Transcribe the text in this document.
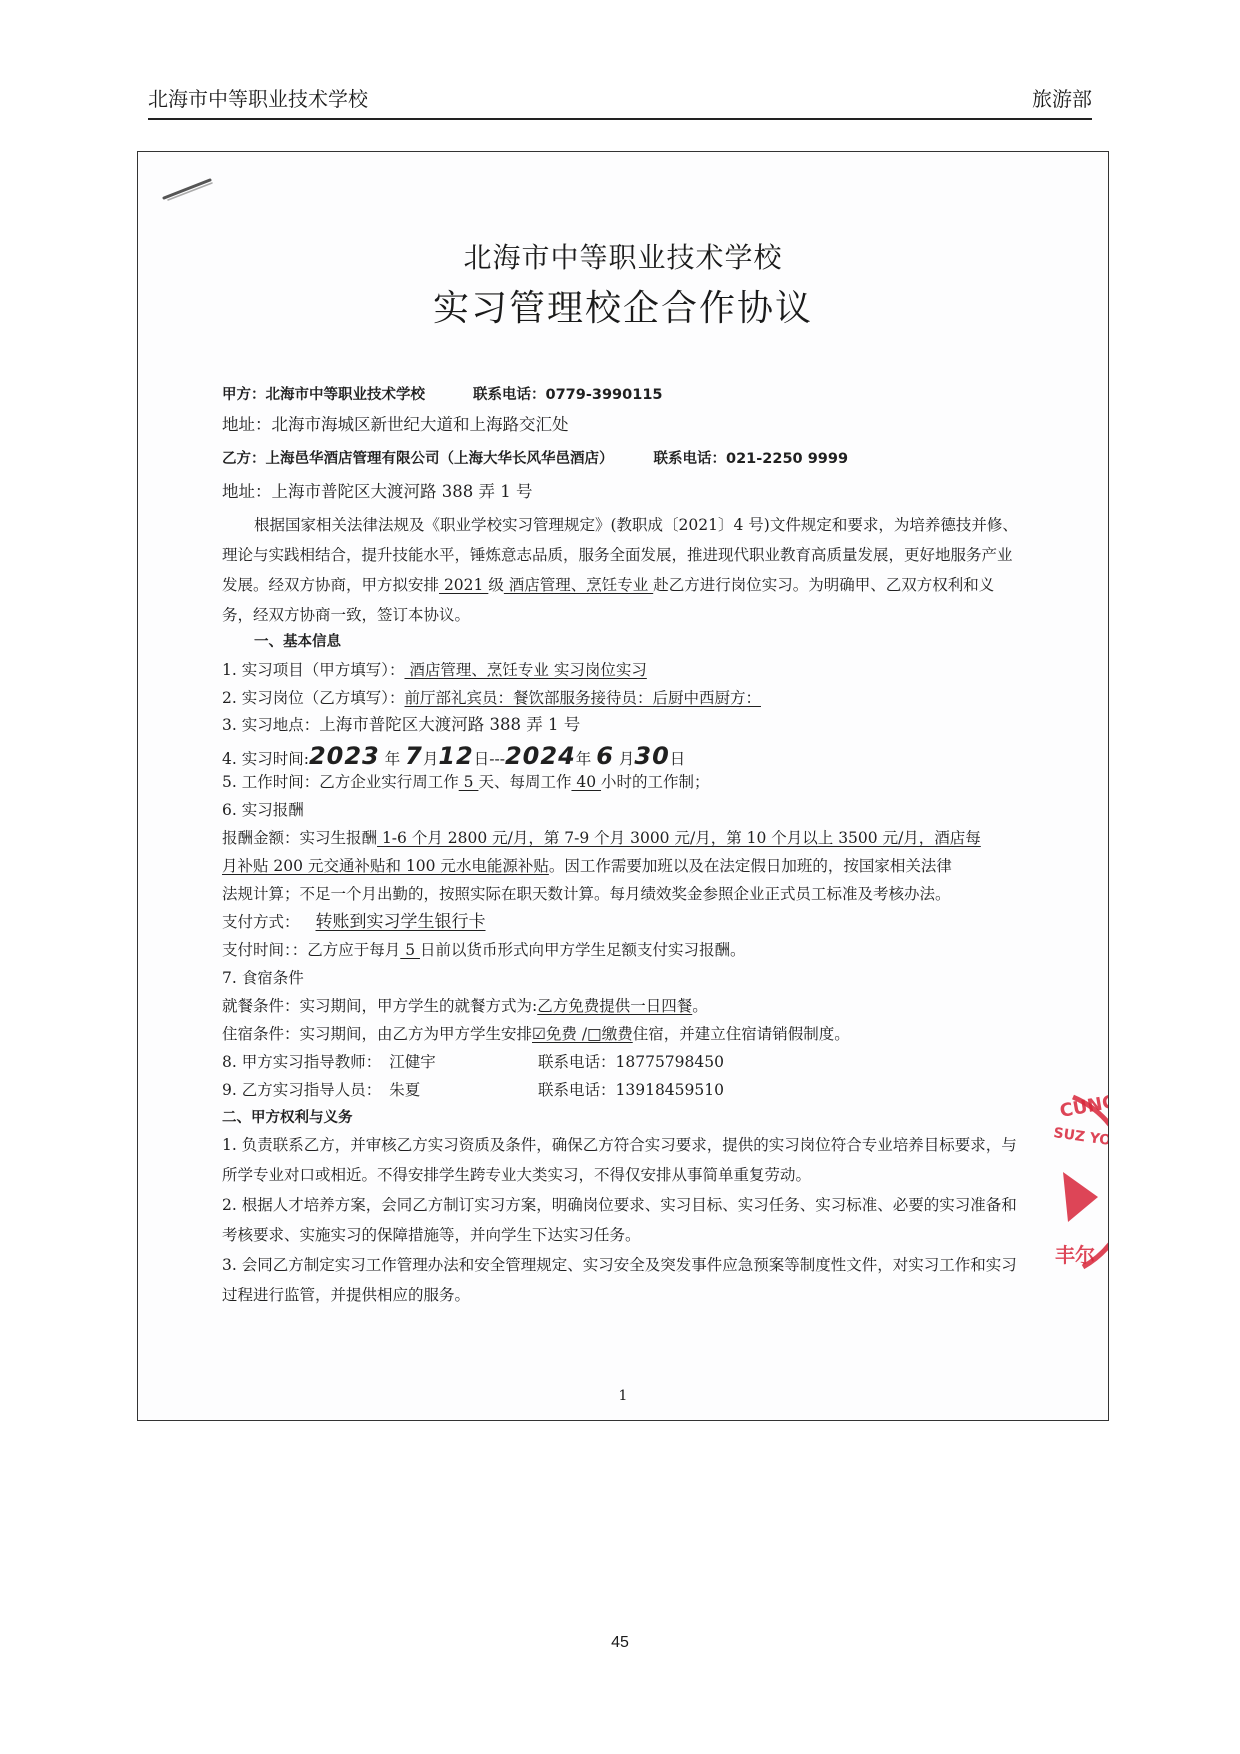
北海市中等职业技术学校	旅游部
北海市中等职业技术学校
实习管理校企合作协议
甲方：北海市中等职业技术学校	联系电话：0779-3990115
地址：北海市海城区新世纪大道和上海路交汇处
乙方：上海邑华酒店管理有限公司（上海大华长风华邑酒店）	联系电话：021-2250 9999
地址：上海市普陀区大渡河路 388 弄 1 号
根据国家相关法律法规及《职业学校实习管理规定》(教职成〔2021〕4 号)文件规定和要求，为培养德技并修、理论与实践相结合，提升技能水平，锤炼意志品质，服务全面发展，推进现代职业教育高质量发展，更好地服务产业发展。经双方协商，甲方拟安排 2021 级 酒店管理、烹饪专业 赴乙方进行岗位实习。为明确甲、乙双方权利和义务，经双方协商一致，签订本协议。
一、基本信息
1. 实习项目（甲方填写）： 酒店管理、烹饪专业 实习岗位实习
2. 实习岗位（乙方填写）：前厅部礼宾员：餐饮部服务接待员：后厨中西厨方：
3. 实习地点：上海市普陀区大渡河路 388 弄 1 号
4. 实习时间:2023 年 7月12日---2024年 6 月30日
5. 工作时间：乙方企业实行周工作 5 天、每周工作 40 小时的工作制；
6. 实习报酬
报酬金额：实习生报酬 1-6 个月 2800 元/月，第 7-9 个月 3000 元/月，第 10 个月以上 3500 元/月，酒店每
月补贴 200 元交通补贴和 100 元水电能源补贴。因工作需要加班以及在法定假日加班的，按国家相关法律
法规计算；不足一个月出勤的，按照实际在职天数计算。每月绩效奖金参照企业正式员工标准及考核办法。
支付方式： 转账到实习学生银行卡
支付时间：：乙方应于每月 5 日前以货币形式向甲方学生足额支付实习报酬。
7. 食宿条件
就餐条件：实习期间，甲方学生的就餐方式为:乙方免费提供一日四餐。
住宿条件：实习期间，由乙方为甲方学生安排☑免费 /□缴费住宿，并建立住宿请销假制度。
8. 甲方实习指导教师： 江健宇	联系电话：18775798450
9. 乙方实习指导人员： 朱夏	联系电话：13918459510
二、甲方权利与义务
1. 负责联系乙方，并审核乙方实习资质及条件，确保乙方符合实习要求，提供的实习岗位符合专业培养目标要求，与所学专业对口或相近。不得安排学生跨专业大类实习，不得仅安排从事简单重复劳动。
2. 根据人才培养方案，会同乙方制订实习方案，明确岗位要求、实习目标、实习任务、实习标准、必要的实习准备和考核要求、实施实习的保障措施等，并向学生下达实习任务。
3. 会同乙方制定实习工作管理办法和安全管理规定、实习安全及突发事件应急预案等制度性文件，对实习工作和实习过程进行监管，并提供相应的服务。
1
CUNGHU
SUZ YOZYAI
丰尔
45
